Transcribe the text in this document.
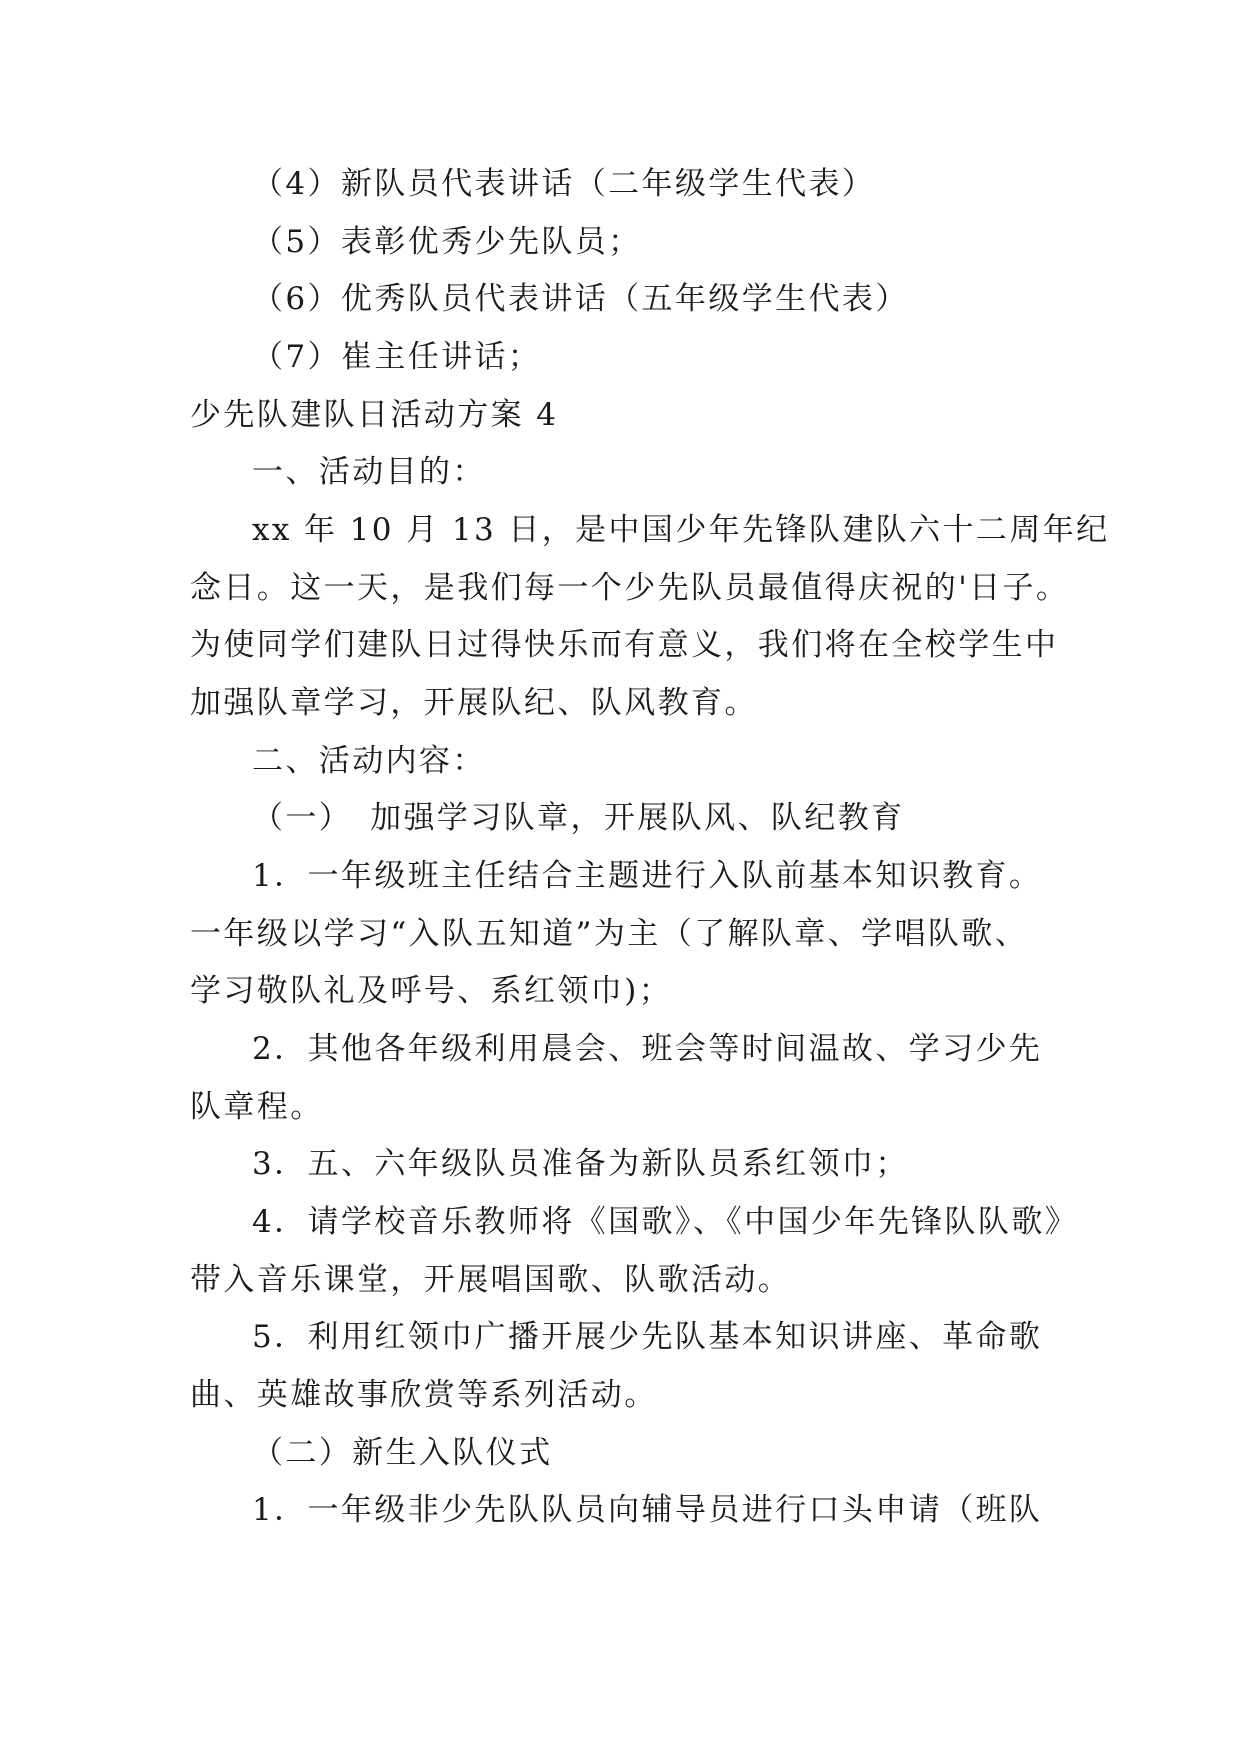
（4）新队员代表讲话（二年级学生代表）
（5）表彰优秀少先队员；
（6）优秀队员代表讲话（五年级学生代表）
（7）崔主任讲话；
少先队建队日活动方案 4
一、活动目的：
xx 年 10 月 13 日，是中国少年先锋队建队六十二周年纪
念日。这一天，是我们每一个少先队员最值得庆祝的'日子。
为使同学们建队日过得快乐而有意义，我们将在全校学生中
加强队章学习，开展队纪、队风教育。
二、活动内容：
（一）　加强学习队章，开展队风、队纪教育
1．一年级班主任结合主题进行入队前基本知识教育。
一年级以学习“入队五知道”为主（了解队章、学唱队歌、
学习敬队礼及呼号、系红领巾)；
2．其他各年级利用晨会、班会等时间温故、学习少先
队章程。
3．五、六年级队员准备为新队员系红领巾；
4．请学校音乐教师将《国歌》、《中国少年先锋队队歌》
带入音乐课堂，开展唱国歌、队歌活动。
5．利用红领巾广播开展少先队基本知识讲座、革命歌
曲、英雄故事欣赏等系列活动。
（二）新生入队仪式
1．一年级非少先队队员向辅导员进行口头申请（班队
